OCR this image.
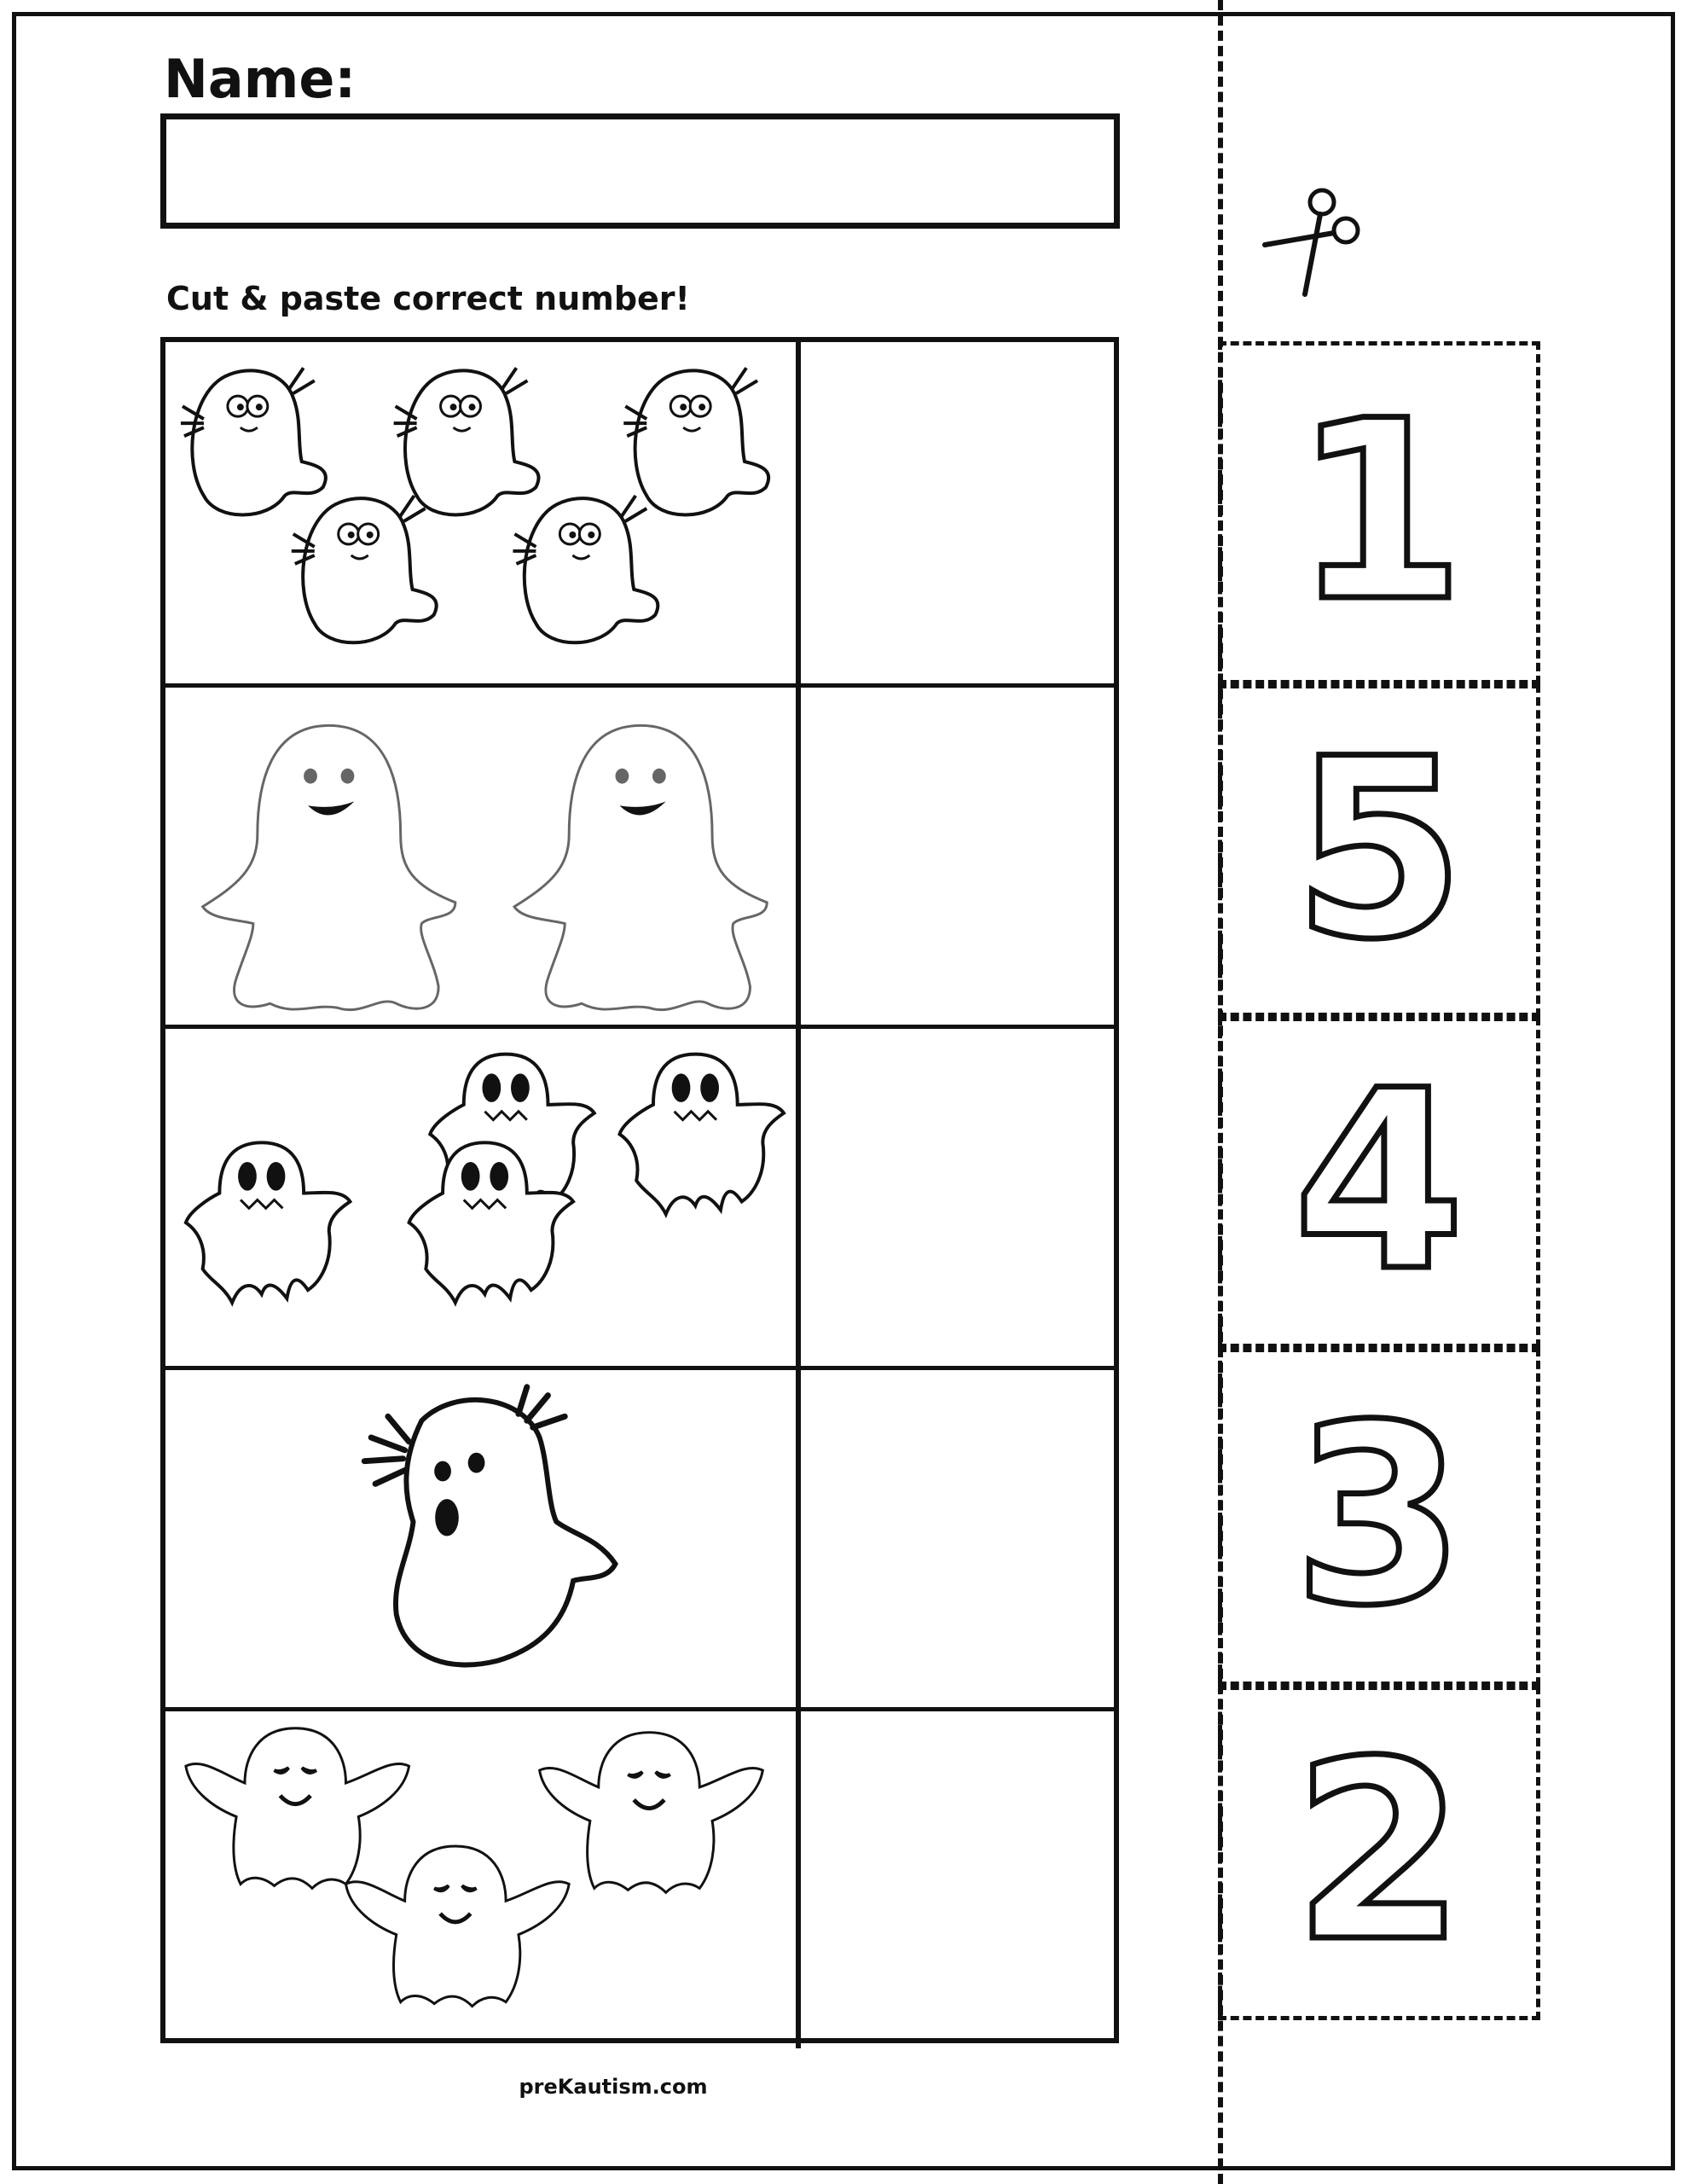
Name:
Cut & paste correct number!
preKautism.com
1
5
4
3
2
